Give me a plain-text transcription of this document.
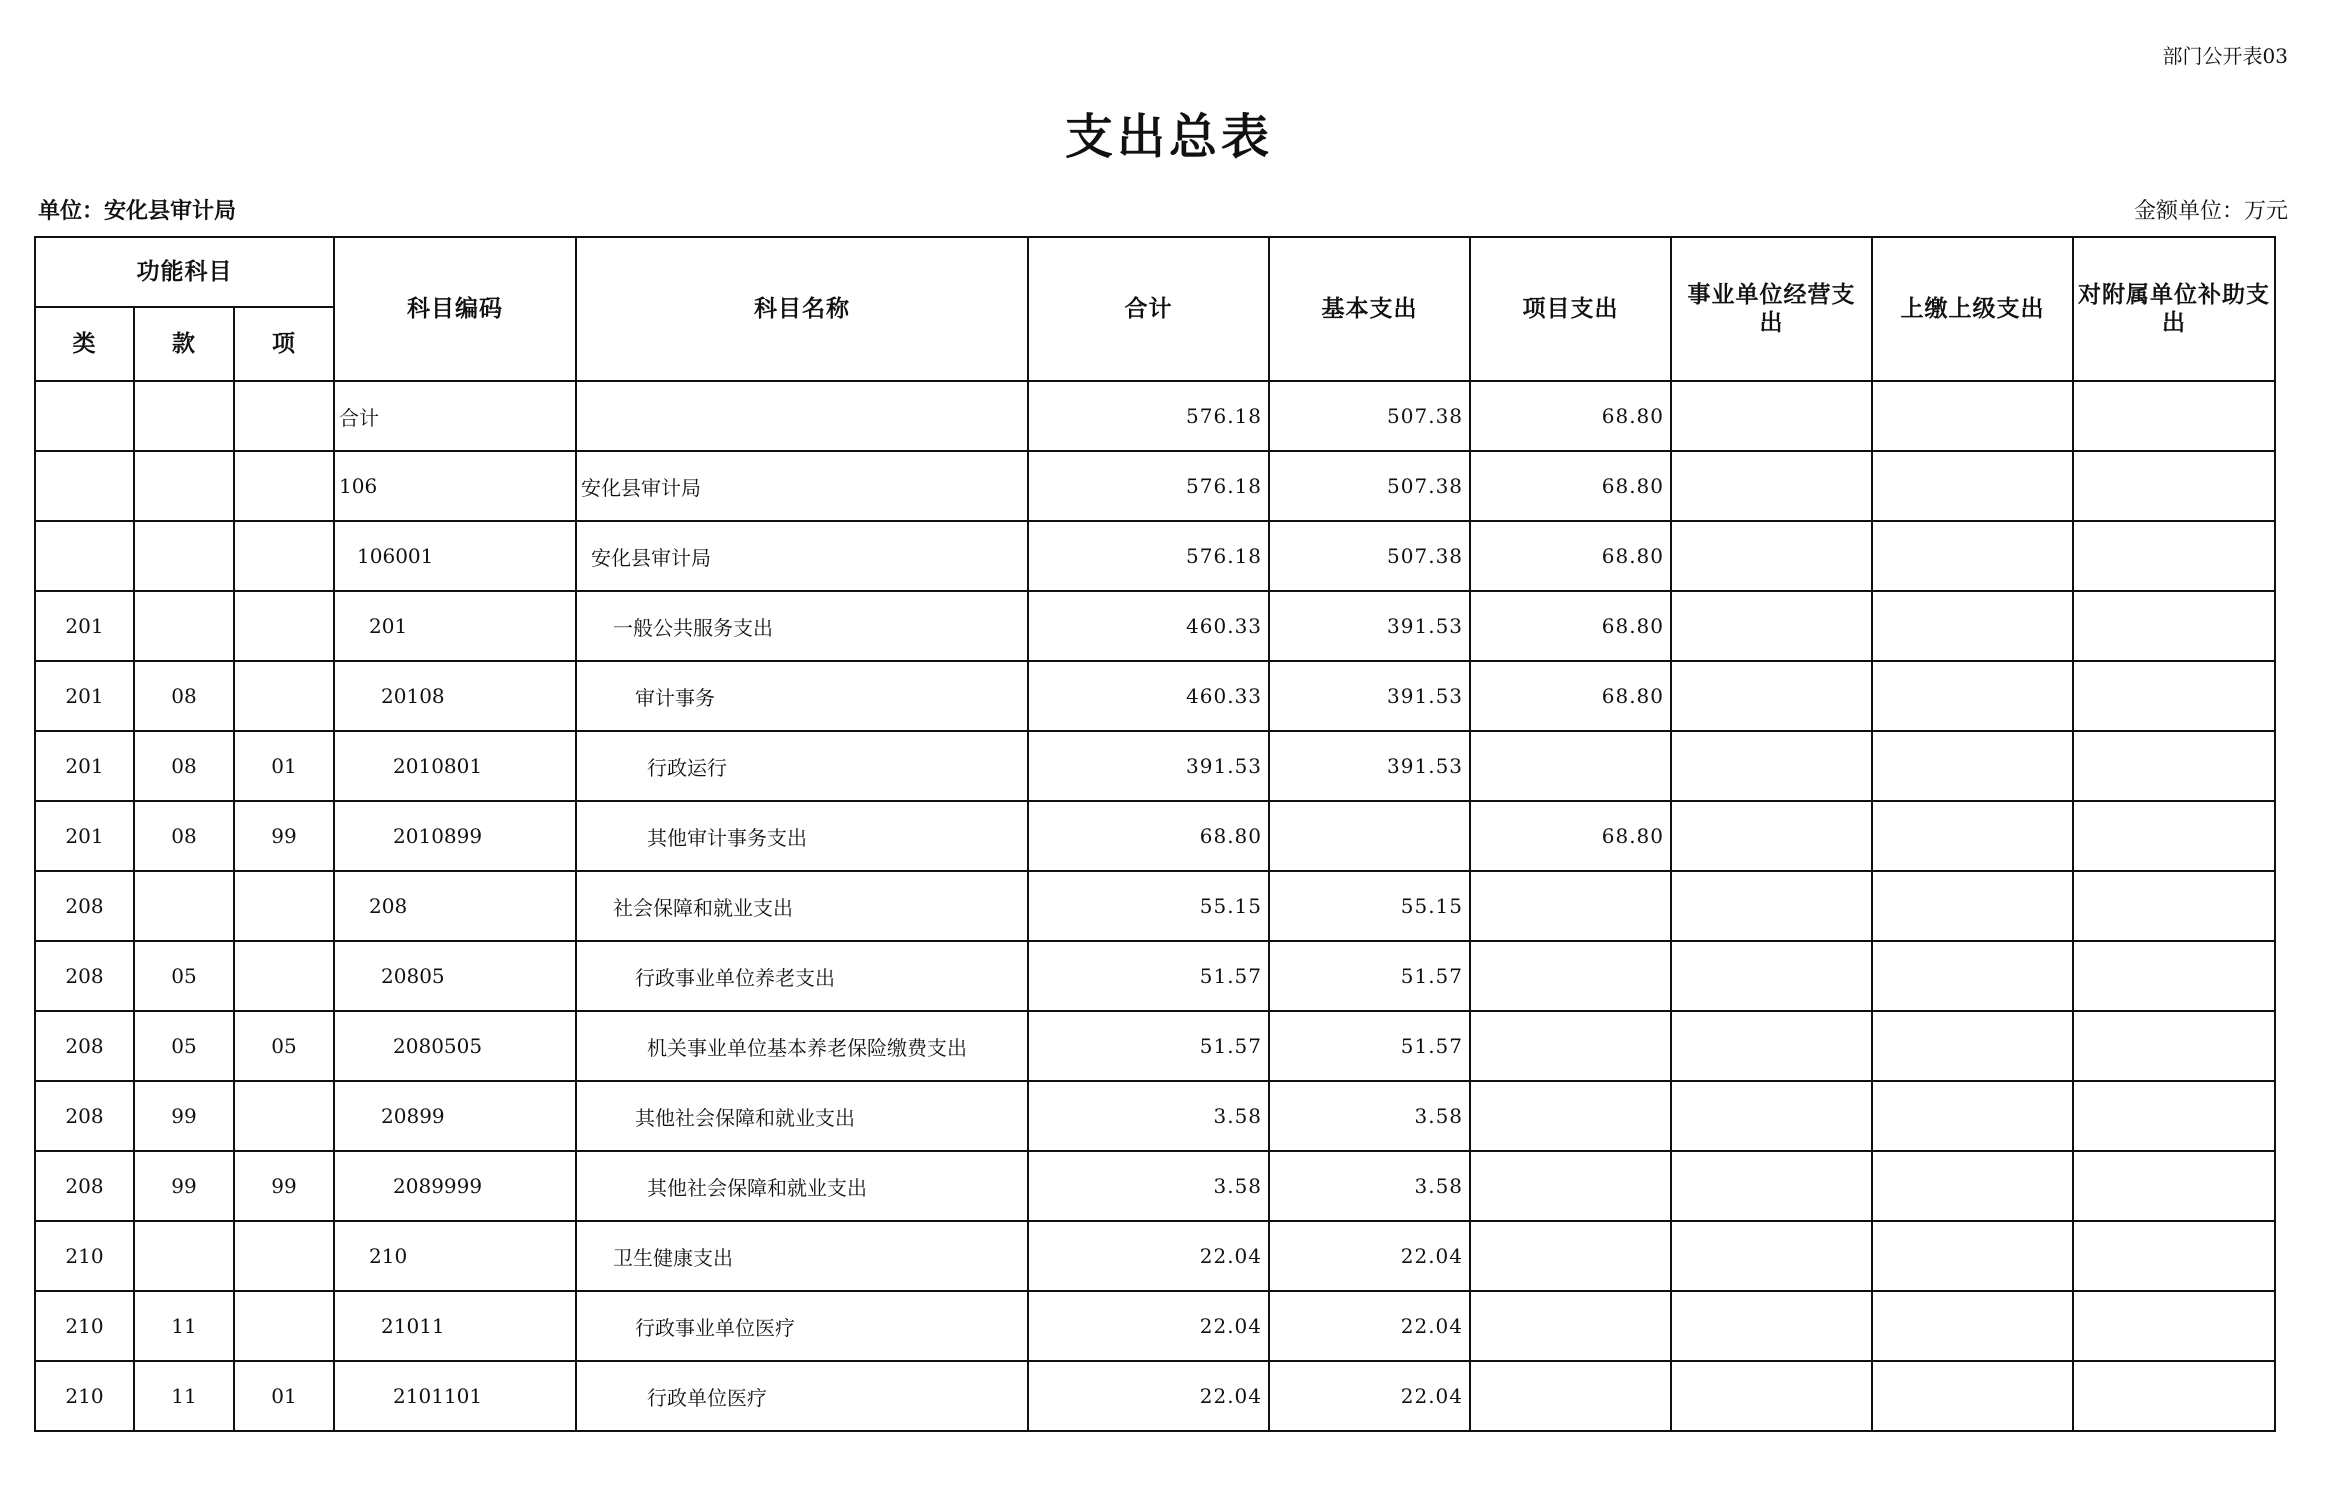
部门公开表03
支出总表
单位：安化县审计局	金额单位：万元
功能科目			科目编码	科目名称	合计	基本支出	项目支出	事业单位经营支出	上缴上级支出	对附属单位补助支出
类	款	项								
			合计		576.18	507.38	68.80			
			106	安化县审计局	576.18	507.38	68.80			
			106001	安化县审计局	576.18	507.38	68.80			
201			201	一般公共服务支出	460.33	391.53	68.80			
201	08		20108	审计事务	460.33	391.53	68.80			
201	08	01	2010801	行政运行	391.53	391.53				
201	08	99	2010899	其他审计事务支出	68.80		68.80			
208			208	社会保障和就业支出	55.15	55.15				
208	05		20805	行政事业单位养老支出	51.57	51.57				
208	05	05	2080505	机关事业单位基本养老保险缴费支出	51.57	51.57				
208	99		20899	其他社会保障和就业支出	3.58	3.58				
208	99	99	2089999	其他社会保障和就业支出	3.58	3.58				
210			210	卫生健康支出	22.04	22.04				
210	11		21011	行政事业单位医疗	22.04	22.04				
210	11	01	2101101	行政单位医疗	22.04	22.04				
